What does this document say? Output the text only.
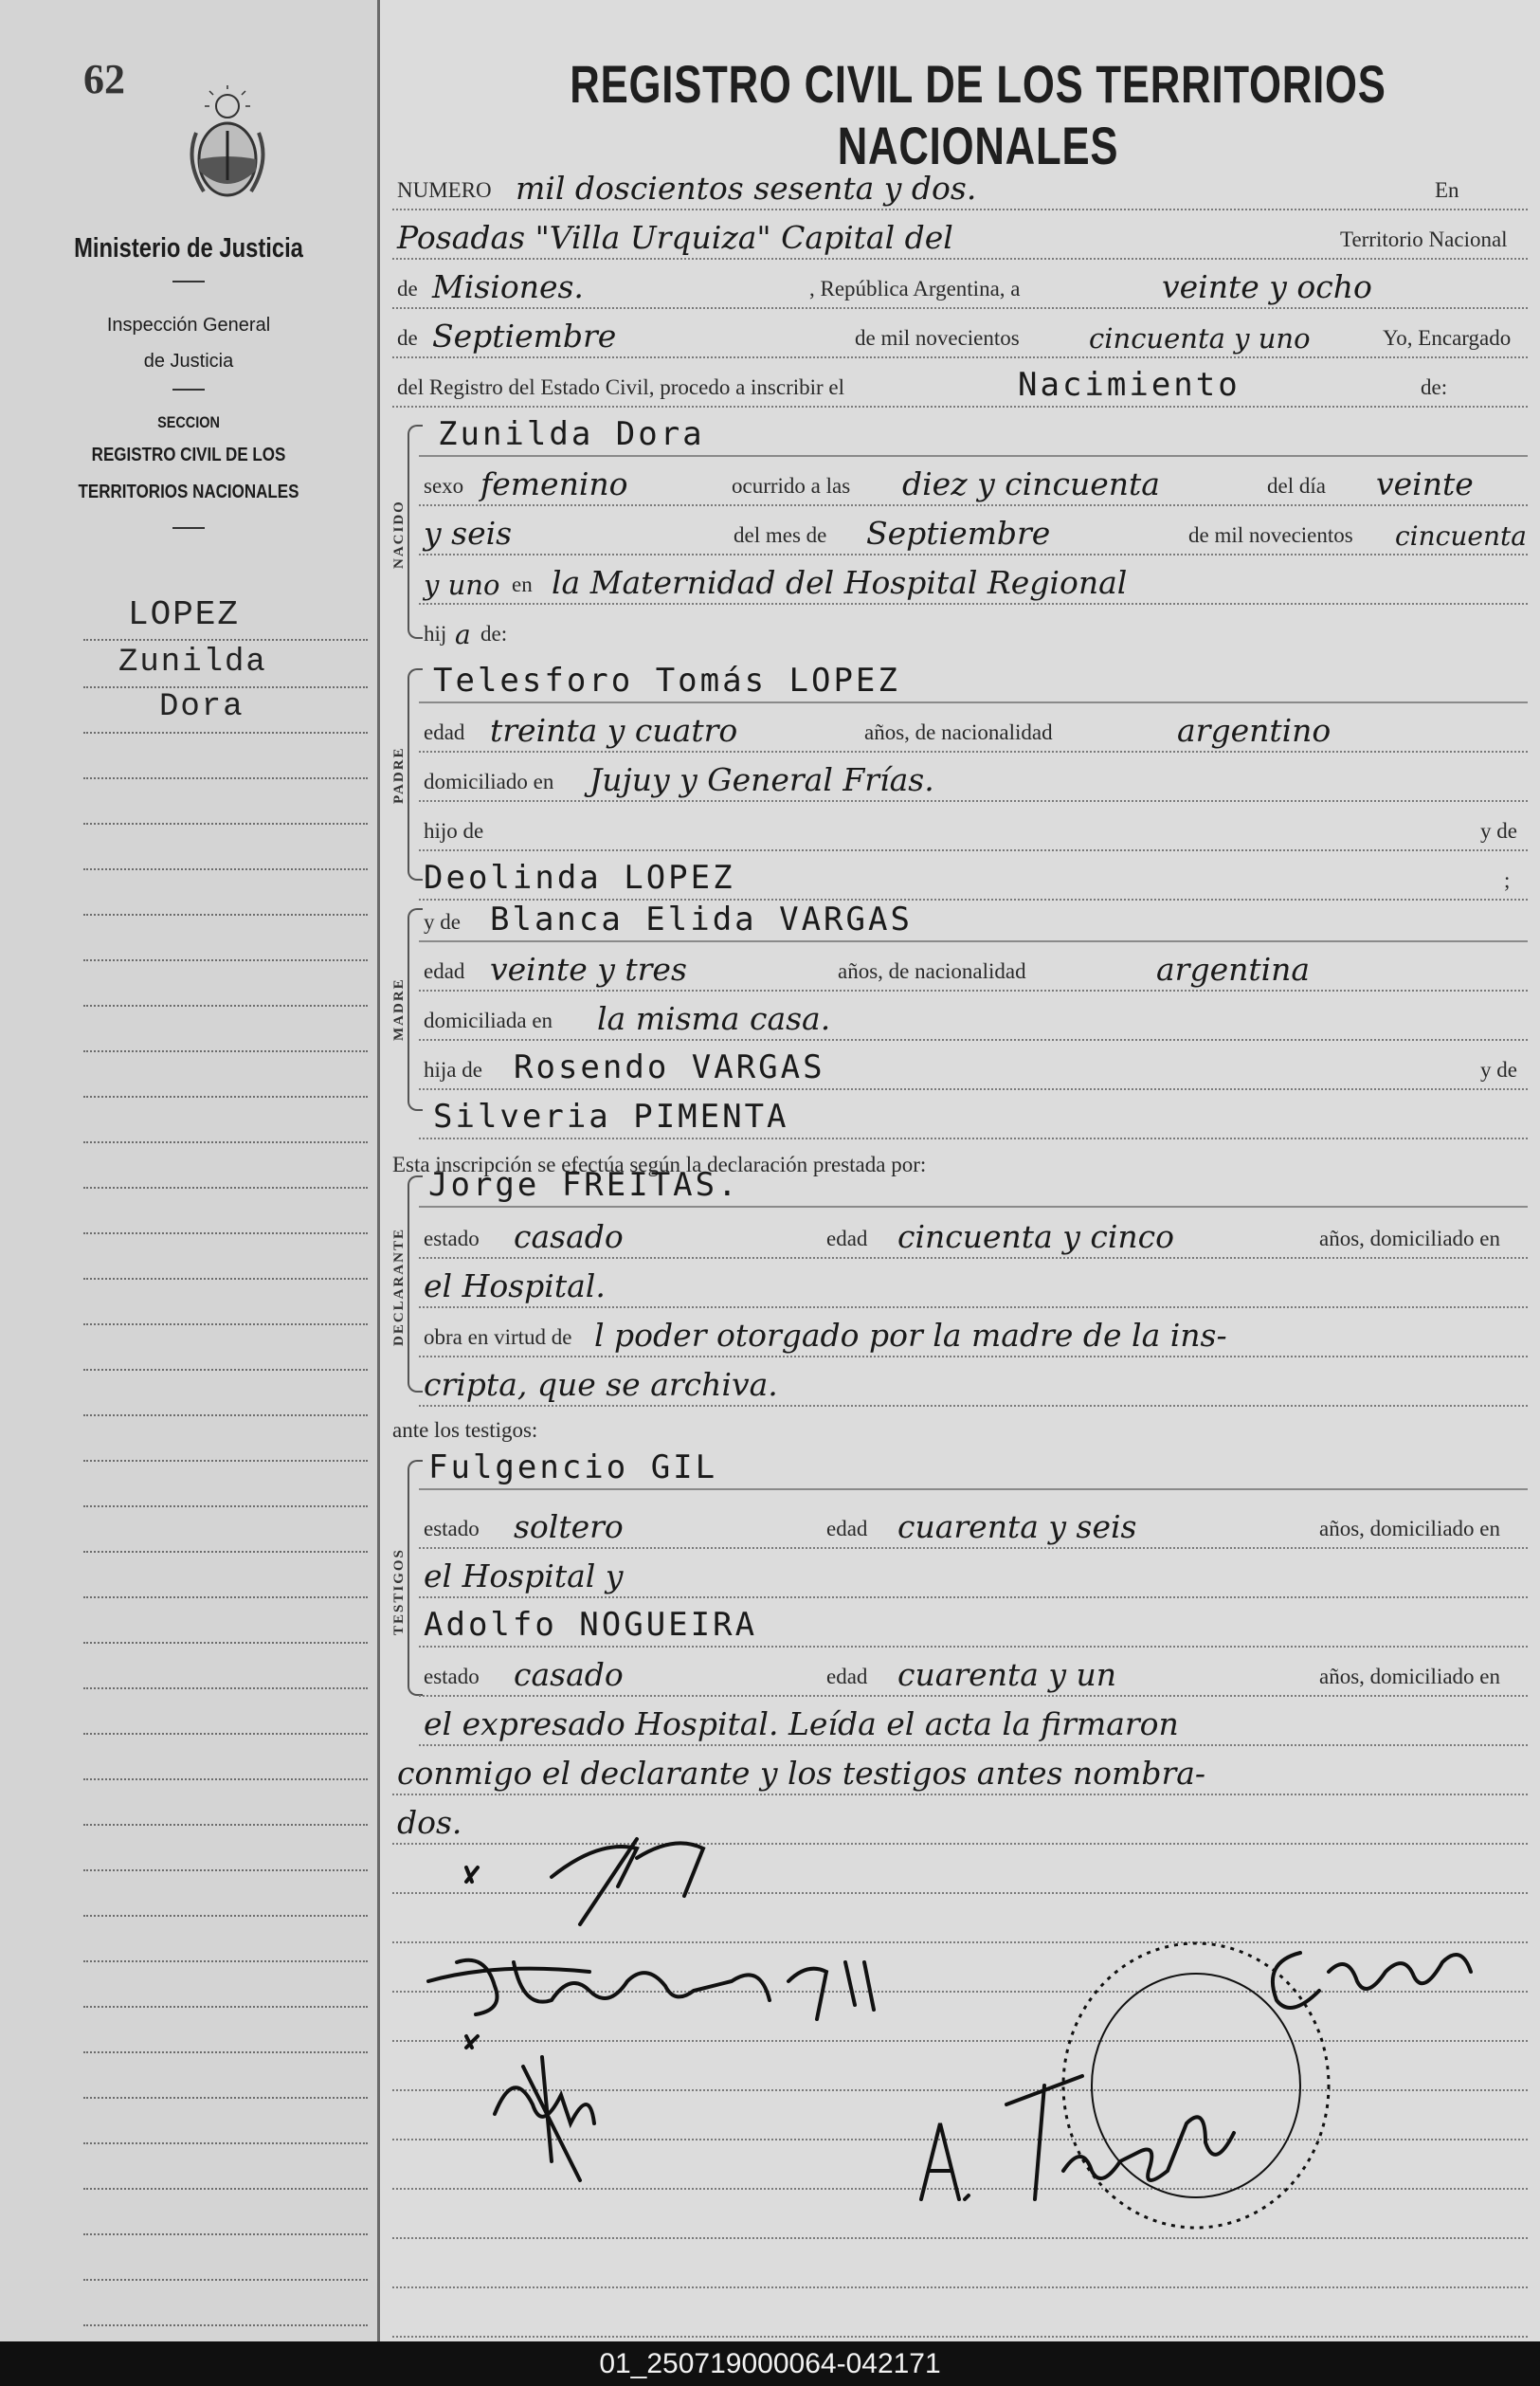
62
Ministerio de Justicia
Inspección General
de Justicia
SECCION
REGISTRO CIVIL DE LOS
TERRITORIOS NACIONALES
LOPEZ
Zunilda
Dora
REGISTRO CIVIL DE LOS TERRITORIOS NACIONALES
NUMERO mil doscientos sesenta y dos.	En
Posadas "Villa Urquiza" Capital del	Territorio Nacional
de Misiones.	, República Argentina, a	veinte y ocho
de Septiembre	de mil novecientos	cincuenta y uno	Yo, Encargado
del Registro del Estado Civil, procedo a inscribir el	Nacimiento	de:
NACIDO
Zunilda Dora
sexo femenino	ocurrido a las diez y cincuenta	del día veinte
y seis	del mes de Septiembre	de mil novecientos cincuenta
y uno en la Maternidad del Hospital Regional
hij a de:
PADRE
Telesforo Tomás LOPEZ
edad treinta y cuatro	años, de nacionalidad	argentino
domiciliado en Jujuy y General Frías.
hijo de	y de
Deolinda LOPEZ	;
MADRE
y de Blanca Elida VARGAS
edad veinte y tres	años, de nacionalidad	argentina
domiciliada en la misma casa.
hija de Rosendo VARGAS	y de
Silveria PIMENTA
Esta inscripción se efectúa según la declaración prestada por:
DECLARANTE
Jorge FREITAS.
estado casado	edad cincuenta y cinco	años, domiciliado en
el Hospital.
obra en virtud de l poder otorgado por la madre de la ins-
cripta, que se archiva.
ante los testigos:
TESTIGOS
Fulgencio GIL
estado soltero	edad cuarenta y seis	años, domiciliado en
el Hospital y
Adolfo NOGUEIRA
estado casado	edad cuarenta y un	años, domiciliado en
el expresado Hospital. Leída el acta la firmaron
conmigo el declarante y los testigos antes nombra-
dos.
01_250719000064-042171
